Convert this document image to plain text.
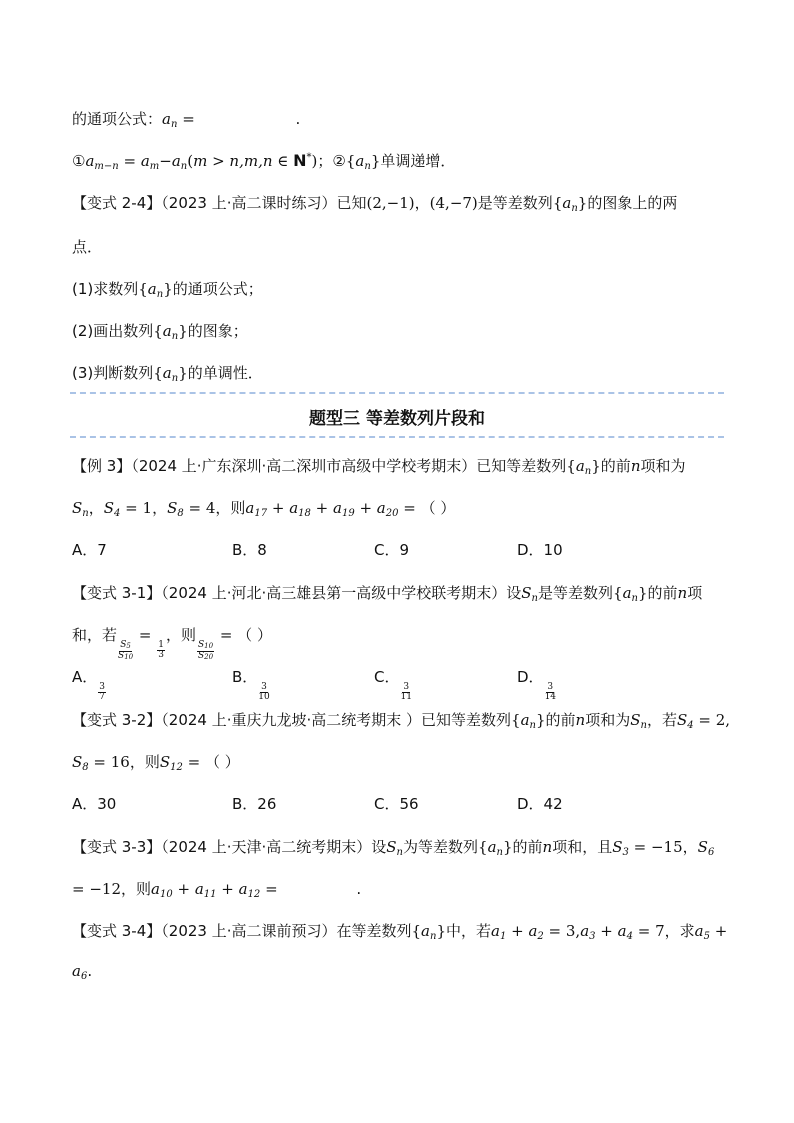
的通项公式：$a_n$ =	.
$①a_{m-n} = a_m-a_n(m > n,m,n$ ∈ N*)；$②\{a_n\}$单调递增．
【变式 2-4】（2023 上·高二课时练习）已知(2,−1)，(4,−7)是等差数列$\{a_n\}$的图象上的两
点．
(1)求数列$\{a_n\}$的通项公式；
(2)画出数列$\{a_n\}$的图象；
(3)判断数列$\{a_n\}$的单调性．
题型三 等差数列片段和
【例 3】（2024 上·广东深圳·高二深圳市高级中学校考期末）已知等差数列$\{a_n\}$的前n项和为
$S_n$，$S_4 = 1$，$S_8 = 4$，则$a_{17} + a_{18} + a_{19} + a_{20}$ = （ ）
A．7	B．8	C．9	D．10
【变式 3-1】（2024 上·河北·高三雄县第一高级中学校联考期末）设$S_n$是等差数列$\{a_n\}$的前n项
和，若
$\frac{S_5}{S_{10}}$
=
$\frac{1}{3}$
，则
$\frac{S_{10}}{S_{20}}$
= （ ）
A．
$\frac{3}{7}$
B．
$\frac{3}{10}$
C．
$\frac{3}{11}$
D．
$\frac{3}{14}$
【变式 3-2】（2024 上·重庆九龙坡·高二统考期末 ）已知等差数列$\{a_n\}$的前n项和为$S_n$，若$S_4 = 2$,
$S_8 = 16$，则$S_{12}$ = （ ）
A．30	B．26	C．56	D．42
【变式 3-3】（2024 上·天津·高二统考期末）设$S_n$为等差数列$\{a_n\}$的前n项和，且$S_3 = -15$，$S_6$
= −12，则$a_{10} + a_{11} + a_{12}$ =	.
【变式 3-4】（2023 上·高二课前预习）在等差数列$\{a_n\}$中，若$a_1 + a_2 = 3,a_3 + a_4 = 7$，求$a_5$ +
$a_6$.
